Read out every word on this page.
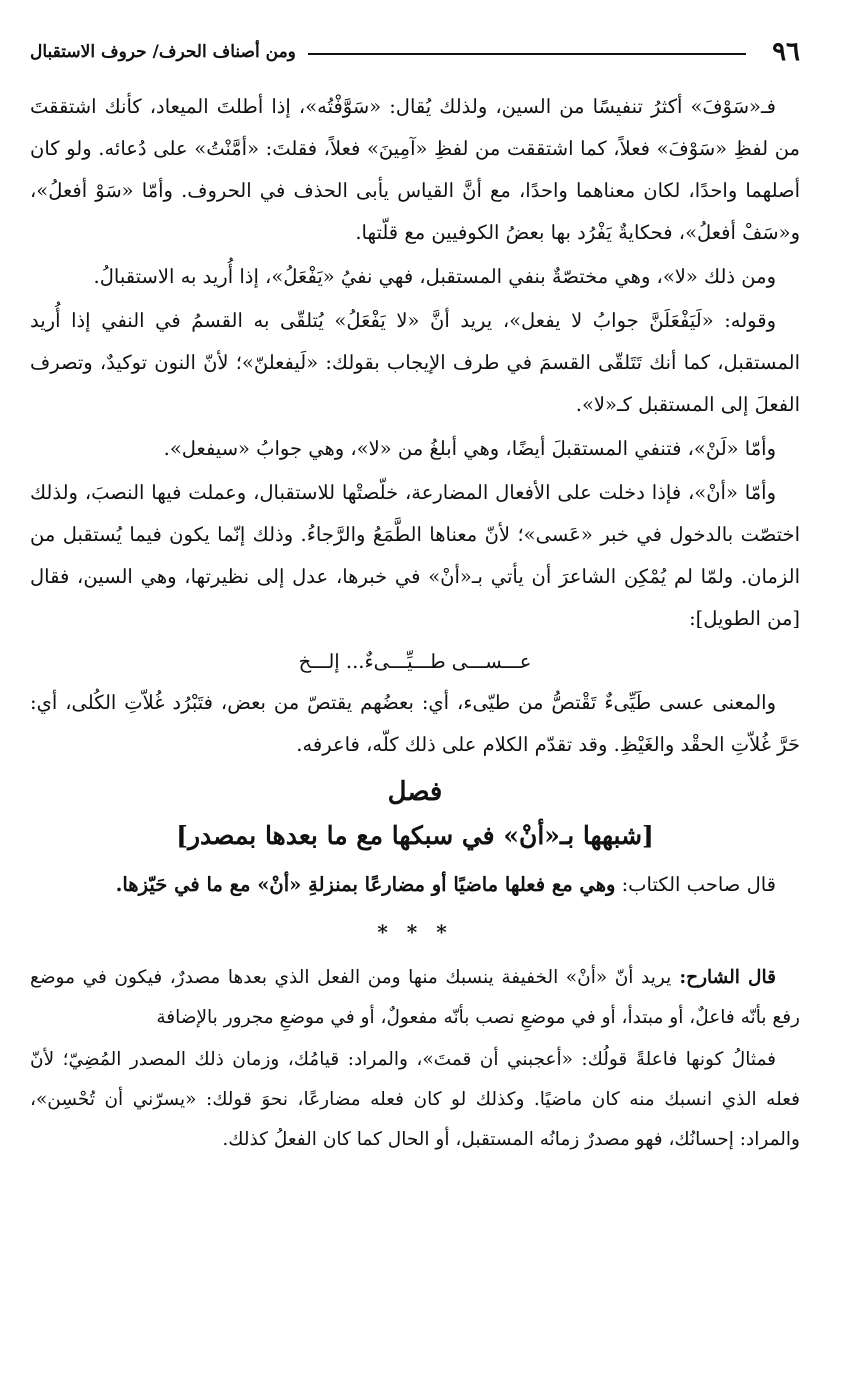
٩٦
ومن أصناف الحرف/ حروف الاستقبال

فـ«سَوْفَ» أكثرُ تنفيسًا من السين، ولذلك يُقال: «سَوَّفْتُه»، إذا أطلتَ الميعاد، كأنك اشتققتَ من لفظِ «سَوْفَ» فعلاً، كما اشتققت من لفظِ «آمِينَ» فعلاً، فقلتَ: «أمَّنْتُ» على دُعائه. ولو كان أصلهما واحدًا، لكان معناهما واحدًا، مع أنَّ القياس يأبى الحذف في الحروف. وأمّا «سَوْ أفعلُ»، و«سَفْ أفعلُ»، فحكايةٌ يَفْرُد بها بعضُ الكوفيين مع قلّتها.

ومن ذلك «لا»، وهي مختصّةٌ بنفي المستقبل، فهي نفيُ «يَفْعَلُ»، إذا أُريد به الاستقبالُ.

وقوله: «لَيَفْعَلَنَّ جوابُ لا يفعل»، يريد أنَّ «لا يَفْعَلُ» يُتلقّى به القسمُ في النفي إذا أُريد المستقبل، كما أنك تَتَلقّى القسمَ في طرف الإيجاب بقولك: «لَيفعلنّ»؛ لأنّ النون توكيدٌ، وتصرف الفعلَ إلى المستقبل كـ«لا».

وأمّا «لَنْ»، فتنفي المستقبلَ أيضًا، وهي أبلغُ من «لا»، وهي جوابُ «سيفعل».

وأمّا «أنْ»، فإذا دخلت على الأفعال المضارعة، خلّصتْها للاستقبال، وعملت فيها النصبَ، ولذلك اختصّت بالدخول في خبر «عَسى»؛ لأنّ معناها الطَّمَعُ والرَّجاءُ. وذلك إنّما يكون فيما يُستقبل من الزمان. ولمّا لم يُمْكِن الشاعرَ أن يأتي بـ«أنْ» في خبرها، عدل إلى نظيرتها، وهي السين، فقال [من الطويل]:

عـــســـى طـــيِّـــىءٌ... إلـــخ

والمعنى عسى طَيِّىءٌ تَقْتصُّ من طيّىء، أي: بعضُهم يقتصّ من بعض، فتَبْرُد غُلاّتِ الكُلى، أي: حَرَّ غُلاّتِ الحقْد والغَيْظِ. وقد تقدّم الكلام على ذلك كلّه، فاعرفه.

فصل
[شبهها بـ«أنْ» في سبكها مع ما بعدها بمصدر]

قال صاحب الكتاب: وهي مع فعلها ماضيًا أو مضارعًا بمنزلةِ «أنْ» مع ما في حَيّزها.

* * *

قال الشارح: يريد أنّ «أنْ» الخفيفة ينسبك منها ومن الفعل الذي بعدها مصدرٌ، فيكون في موضع رفع بأنّه فاعلٌ، أو مبتدأ، أو في موضعِ نصب بأنّه مفعولٌ، أو في موضعِ مجرور بالإضافة

فمثالُ كونها فاعلةً قولُك: «أعجبني أن قمتَ»، والمراد: قيامُك، وزمان ذلك المصدر المُضِيّ؛ لأنّ فعله الذي انسبك منه كان ماضيًا. وكذلك لو كان فعله مضارعًا، نحوَ قولك: «يسرّني أن تُحْسِن»، والمراد: إحسانُك، فهو مصدرٌ زمانُه المستقبل، أو الحال كما كان الفعلُ كذلك.
